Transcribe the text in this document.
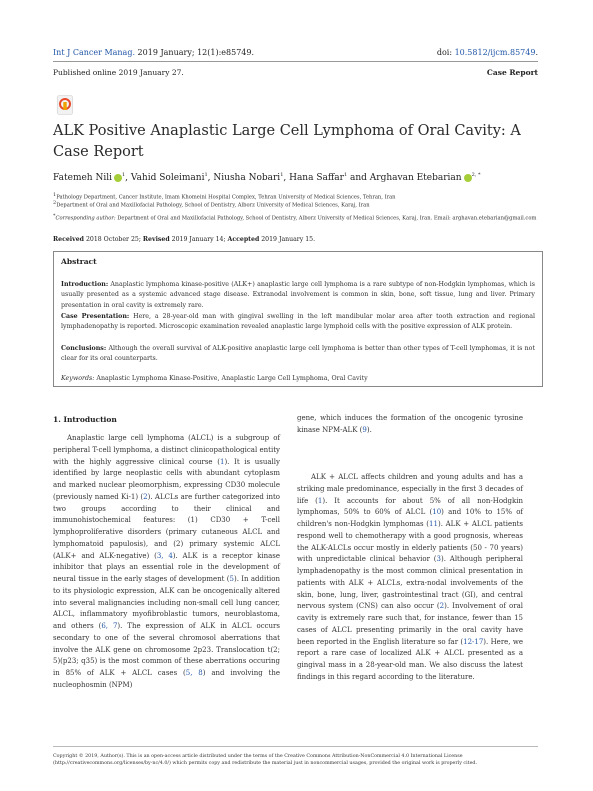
Int J Cancer Manag. 2019 January; 12(1):e85749.	doi: 10.5812/ijcm.85749.
Published online 2019 January 27.	Case Report
ALK Positive Anaplastic Large Cell Lymphoma of Oral Cavity: A Case Report
Fatemeh Nili $^1$, Vahid Soleimani$^1$, Niusha Nobari$^1$, Hana Saffar$^1$ and Arghavan Etebarian $^{2, *}$
$^1$Pathology Department, Cancer Institute, Imam Khomeini Hospital Complex, Tehran University of Medical Sciences, Tehran, Iran
$^2$Department of Oral and Maxillofacial Pathology, School of Dentistry, Alborz University of Medical Sciences, Karaj, Iran
*Corresponding author: Department of Oral and Maxillofacial Pathology, School of Dentistry, Alborz University of Medical Sciences, Karaj, Iran. Email: arghavan.etebarian@gmail.com
Received 2018 October 25; Revised 2019 January 14; Accepted 2019 January 15.
Abstract
Introduction: Anaplastic lymphoma kinase-positive (ALK+) anaplastic large cell lymphoma is a rare subtype of non-Hodgkin lymphomas, which is usually presented as a systemic advanced stage disease. Extranodal involvement is common in skin, bone, soft tissue, lung and liver. Primary presentation in oral cavity is extremely rare.
Case Presentation: Here, a 28-year-old man with gingival swelling in the left mandibular molar area after tooth extraction and regional lymphadenopathy is reported. Microscopic examination revealed anaplastic large lymphoid cells with the positive expression of ALK protein.
Conclusions: Although the overall survival of ALK-positive anaplastic large cell lymphoma is better than other types of T-cell lymphomas, it is not clear for its oral counterparts.
Keywords: Anaplastic Lymphoma Kinase-Positive, Anaplastic Large Cell Lymphoma, Oral Cavity
1. Introduction
Anaplastic large cell lymphoma (ALCL) is a subgroup of peripheral T-cell lymphoma, a distinct clinicopathological entity with the highly aggressive clinical course (1). It is usually identified by large neoplastic cells with abundant cytoplasm and marked nuclear pleomorphism, expressing CD30 molecule (previously named Ki-1) (2). ALCLs are further categorized into two groups according to their clinical and immunohistochemical features: (1) CD30 + T-cell lymphoproliferative disorders (primary cutaneous ALCL and lymphomatoid papulosis), and (2) primary systemic ALCL (ALK+ and ALK-negative) (3, 4). ALK is a receptor kinase inhibitor that plays an essential role in the development of neural tissue in the early stages of development (5). In addition to its physiologic expression, ALK can be oncogenically altered into several malignancies including non-small cell lung cancer, ALCL, inflammatory myofibroblastic tumors, neuroblastoma, and others (6, 7). The expression of ALK in ALCL occurs secondary to one of the several chromosol aberrations that involve the ALK gene on chromosome 2p23. Translocation t(2; 5)(p23; q35) is the most common of these aberrations occuring in 85% of ALK + ALCL cases (5, 8) and involving the nucleophosmin (NPM)
gene, which induces the formation of the oncogenic tyrosine kinase NPM-ALK (9).
ALK + ALCL affects children and young adults and has a striking male predominance, especially in the first 3 decades of life (1). It accounts for about 5% of all non-Hodgkin lymphomas, 50% to 60% of ALCL (10) and 10% to 15% of children's non-Hodgkin lymphomas (11). ALK + ALCL patients respond well to chemotherapy with a good prognosis, whereas the ALK-ALCLs occur mostly in elderly patients (50 - 70 years) with unpredictable clinical behavior (3). Although peripheral lymphadenopathy is the most common clinical presentation in patients with ALK + ALCLs, extra-nodal involvements of the skin, bone, lung, liver, gastrointestinal tract (GI), and central nervous system (CNS) can also occur (2). Involvement of oral cavity is extremely rare such that, for instance, fewer than 15 cases of ALCL presenting primarily in the oral cavity have been reported in the English literature so far (12-17). Here, we report a rare case of localized ALK + ALCL presented as a gingival mass in a 28-year-old man. We also discuss the latest findings in this regard according to the literature.
Copyright © 2019, Author(s). This is an open-access article distributed under the terms of the Creative Commons Attribution-NonCommercial 4.0 International License (http://creativecommons.org/licenses/by-nc/4.0/) which permits copy and redistribute the material just in noncommercial usages, provided the original work is properly cited.
